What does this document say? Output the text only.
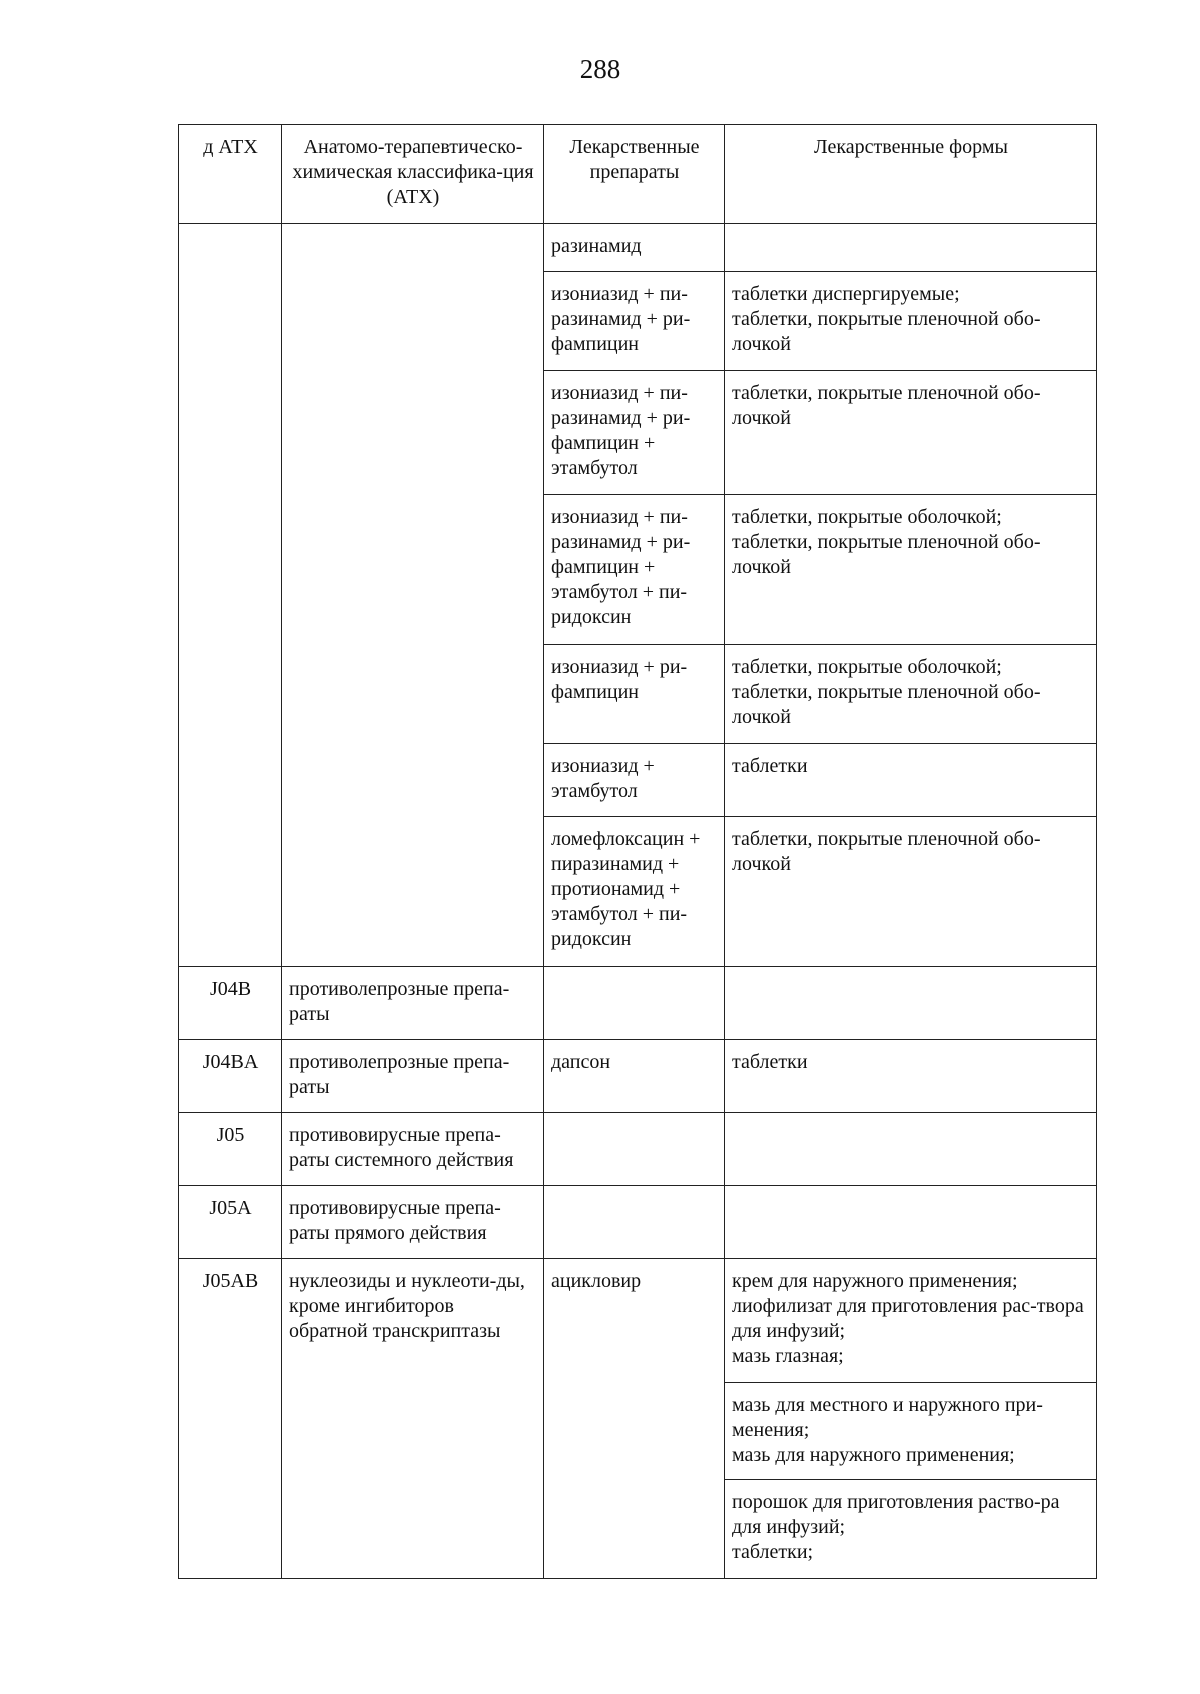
288
д АТХ	Анатомо-терапевтическо-химическая классифика-ция (АТХ)	Лекарственные препараты	Лекарственные формы
		разинамид	
		изониазид + пи-разинамид + ри-фампицин	таблетки диспергируемые;
таблетки, покрытые пленочной обо-лочкой
		изониазид + пи-разинамид + ри-фампицин + этамбутол	таблетки, покрытые пленочной обо-лочкой
		изониазид + пи-разинамид + ри-фампицин + этамбутол + пи-ридоксин	таблетки, покрытые оболочкой;
таблетки, покрытые пленочной обо-лочкой
		изониазид + ри-фампицин	таблетки, покрытые оболочкой;
таблетки, покрытые пленочной обо-лочкой
		изониазид + этамбутол	таблетки
		ломефлоксацин + пиразинамид + протионамид + этамбутол + пи-ридоксин	таблетки, покрытые пленочной обо-лочкой
J04B	противолепрозные препа-раты		
J04BA	противолепрозные препа-раты	дапсон	таблетки
J05	противовирусные препа-раты системного действия		
J05A	противовирусные препа-раты прямого действия		
J05AB	нуклеозиды и нуклеоти-ды, кроме ингибиторов обратной транскриптазы	ацикловир	крем для наружного применения;
лиофилизат для приготовления рас-твора для инфузий;
мазь глазная;
			мазь для местного и наружного при-менения;
мазь для наружного применения;
			порошок для приготовления раство-ра для инфузий;
таблетки;
